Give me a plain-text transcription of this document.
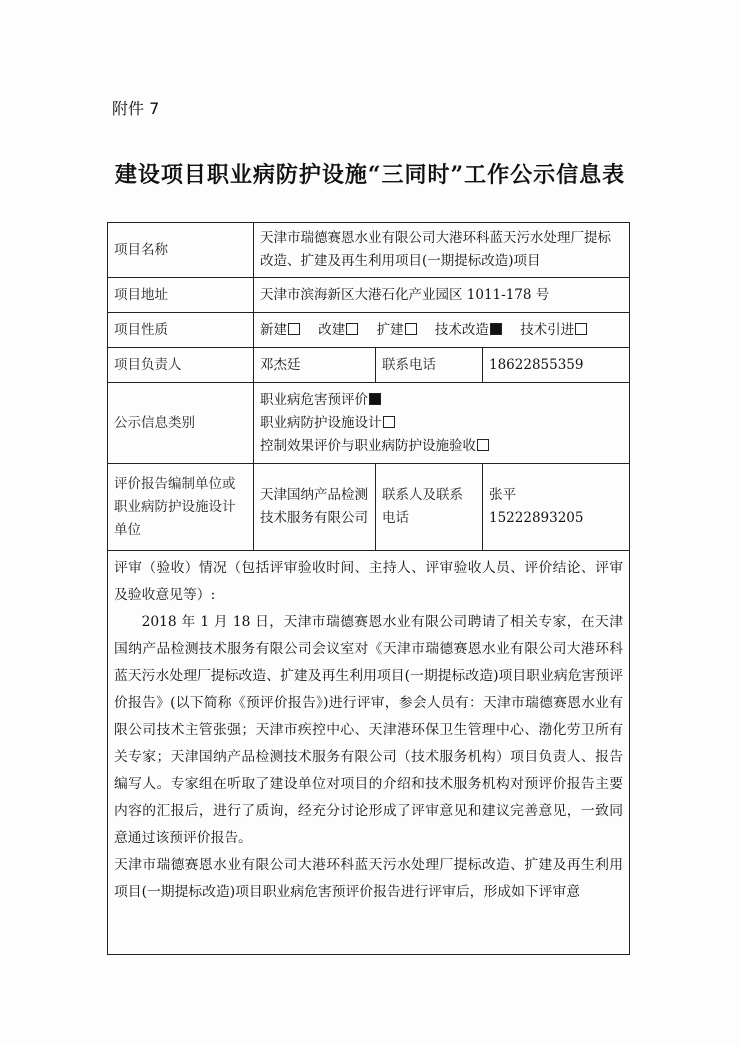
附件 7
建设项目职业病防护设施“三同时”工作公示信息表
项目名称	天津市瑞德赛恩水业有限公司大港环科蓝天污水处理厂提标改造、扩建及再生利用项目(一期提标改造)项目		
项目地址	天津市滨海新区大港石化产业园区 1011-178 号		
项目性质	新建 改建 扩建 技术改造 技术引进		
项目负责人	邓杰廷	联系电话	18622855359
公示信息类别	职业病危害预评价
职业病防护设施设计
控制效果评价与职业病防护设施验收		

评价报告编制单位或职业病防护设施设计单位	天津国纳产品检测技术服务有限公司	联系人及联系电话	张平
15222893205

评审（验收）情况（包括评审验收时间、主持人、评审验收人员、评价结论、评审及验收意见等）:

2018 年 1 月 18 日，天津市瑞德赛恩水业有限公司聘请了相关专家，在天津国纳产品检测技术服务有限公司会议室对《天津市瑞德赛恩水业有限公司大港环科蓝天污水处理厂提标改造、扩建及再生利用项目(一期提标改造)项目职业病危害预评价报告》(以下简称《预评价报告》)进行评审，参会人员有：天津市瑞德赛恩水业有限公司技术主管张强；天津市疾控中心、天津港环保卫生管理中心、渤化劳卫所有关专家；天津国纳产品检测技术服务有限公司（技术服务机构）项目负责人、报告编写人。专家组在听取了建设单位对项目的介绍和技术服务机构对预评价报告主要内容的汇报后，进行了质询，经充分讨论形成了评审意见和建议完善意见，一致同意通过该预评价报告。

天津市瑞德赛恩水业有限公司大港环科蓝天污水处理厂提标改造、扩建及再生利用项目(一期提标改造)项目职业病危害预评价报告进行评审后，形成如下评审意			
